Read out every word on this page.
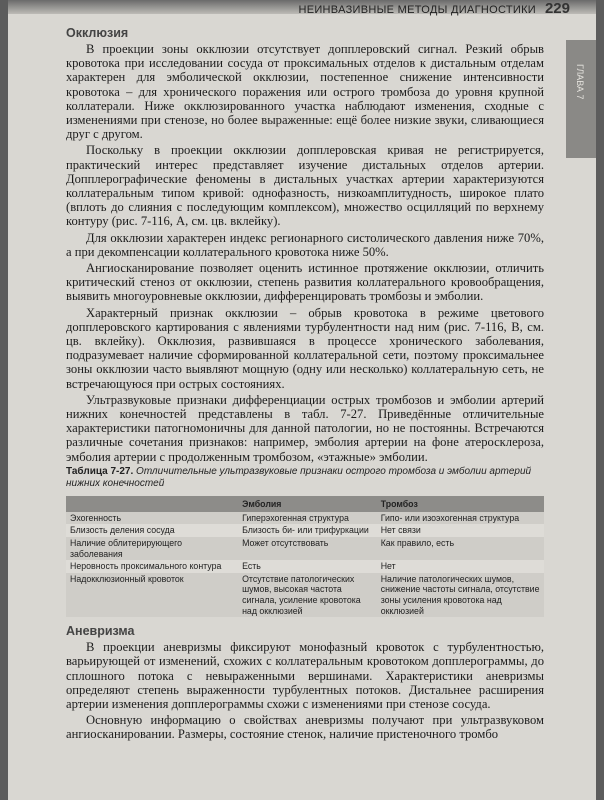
НЕИНВАЗИВНЫЕ МЕТОДЫ ДИАГНОСТИКИ 229
ГЛАВА 7
Окклюзия

В проекции зоны окклюзии отсутствует допплеровский сигнал. Резкий обрыв кровотока при исследовании сосуда от проксимальных отделов к дистальным отделам характерен для эмболической окклюзии, постепенное снижение интенсивности кровотока – для хронического поражения или острого тромбоза до уровня крупной коллатерали. Ниже окклюзированного участка наблюдают изменения, сходные с изменениями при стенозе, но более выраженные: ещё более низкие звуки, сливающиеся друг с другом.

Поскольку в проекции окклюзии допплеровская кривая не регистрируется, практический интерес представляет изучение дистальных отделов артерии. Допплерографические феномены в дистальных участках артерии характеризуются коллатеральным типом кривой: однофазность, низкоамплитудность, широкое плато (вплоть до слияния с последующим комплексом), множество осцилляций по верхнему контуру (рис. 7-116, А, см. цв. вклейку).

Для окклюзии характерен индекс регионарного систолического давления ниже 70%, а при декомпенсации коллатерального кровотока ниже 50%.

Ангиосканирование позволяет оценить истинное протяжение окклюзии, отличить критический стеноз от окклюзии, степень развития коллатерального кровообращения, выявить многоуровневые окклюзии, дифференцировать тромбозы и эмболии.

Характерный признак окклюзии – обрыв кровотока в режиме цветового допплеровского картирования с явлениями турбулентности над ним (рис. 7-116, В, см. цв. вклейку). Окклюзия, развившаяся в процессе хронического заболевания, подразумевает наличие сформированной коллатеральной сети, поэтому проксимальнее зоны окклюзии часто выявляют мощную (одну или несколько) коллатеральную сеть, не встречающуюся при острых состояниях.

Ультразвуковые признаки дифференциации острых тромбозов и эмболии артерий нижних конечностей представлены в табл. 7-27. Приведённые отличительные характеристики патогномоничны для данной патологии, но не постоянны. Встречаются различные сочетания признаков: например, эмболия артерии на фоне атеросклероза, эмболия артерии с продолженным тромбозом, «этажные» эмболии.

Таблица 7-27. Отличительные ультразвуковые признаки острого тромбоза и эмболии артерий нижних конечностей
	Эмболия	Тромбоз
Эхогенность	Гиперэхогенная структура	Гипо- или изоэхогенная структура
Близость деления сосуда	Близость би- или трифуркации	Нет связи
Наличие облитерирующего заболевания	Может отсутствовать	Как правило, есть
Неровность проксимального контура	Есть	Нет
Надокклюзионный кровоток	Отсутствие патологических шумов, высокая частота сигнала, усиление кровотока над окклюзией	Наличие патологических шумов, снижение частоты сигнала, отсутствие зоны усиления кровотока над окклюзией
Аневризма

В проекции аневризмы фиксируют монофазный кровоток с турбулентностью, варьирующей от изменений, схожих с коллатеральным кровотоком допплерограммы, до сплошного потока с невыраженными вершинами. Характеристики аневризмы определяют степень выраженности турбулентных потоков. Дистальнее расширения артерии изменения допплерограммы схожи с изменениями при стенозе сосуда.

Основную информацию о свойствах аневризмы получают при ультразвуковом ангиосканировании. Размеры, состояние стенок, наличие пристеночного тромбо
